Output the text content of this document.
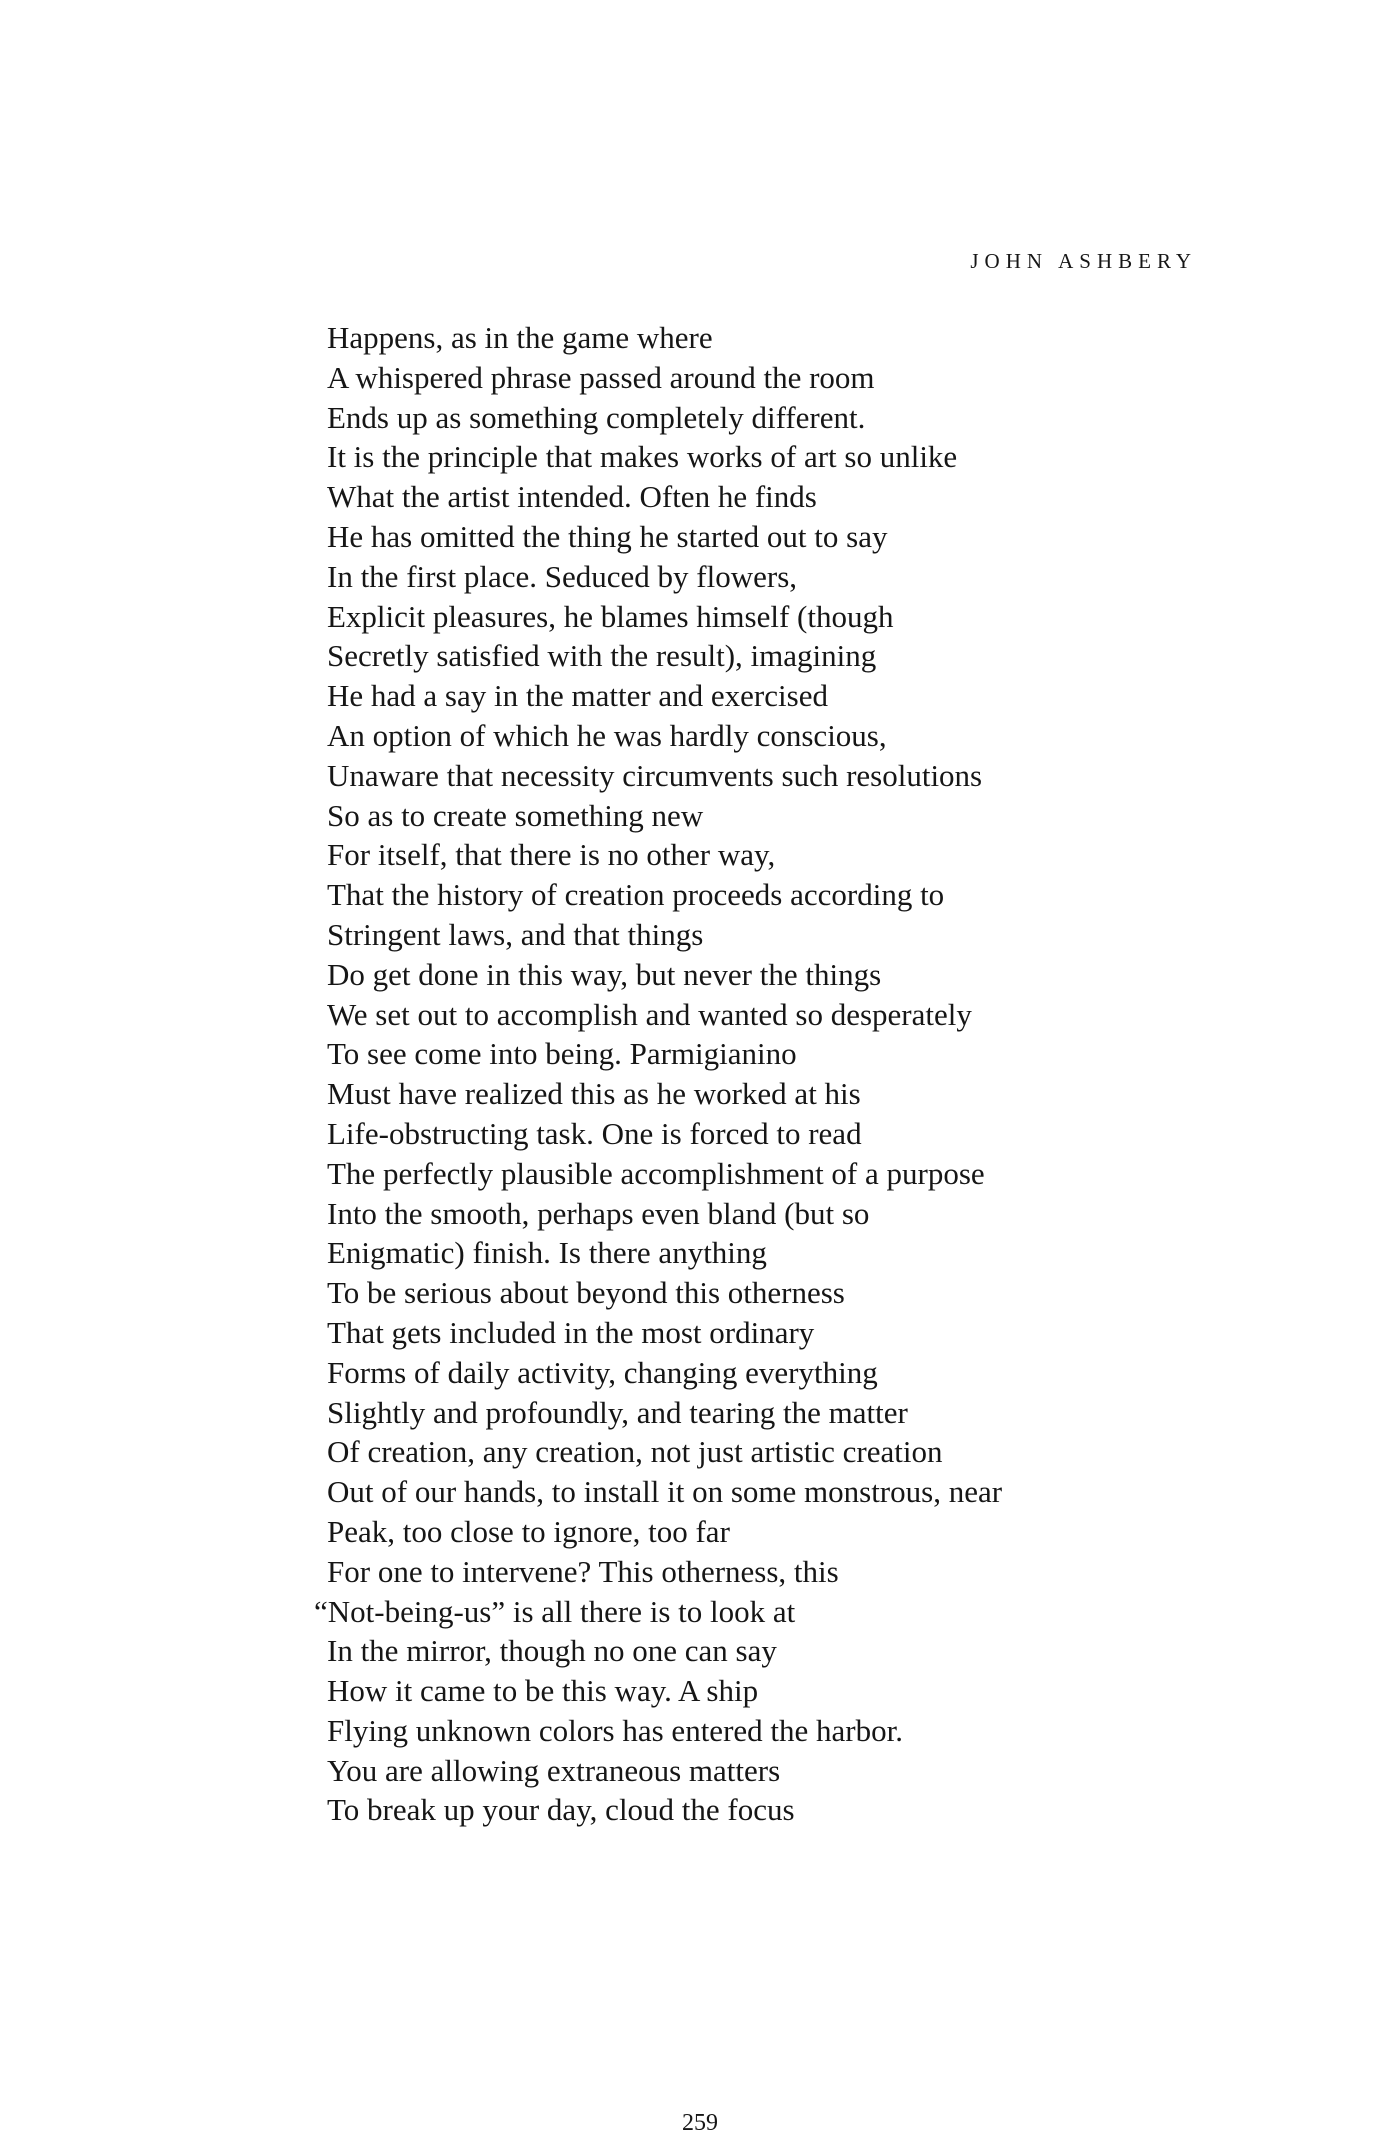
JOHN ASHBERY
Happens, as in the game where
A whispered phrase passed around the room
Ends up as something completely different.
It is the principle that makes works of art so unlike
What the artist intended. Often he finds
He has omitted the thing he started out to say
In the first place. Seduced by flowers,
Explicit pleasures, he blames himself (though
Secretly satisfied with the result), imagining
He had a say in the matter and exercised
An option of which he was hardly conscious,
Unaware that necessity circumvents such resolutions
So as to create something new
For itself, that there is no other way,
That the history of creation proceeds according to
Stringent laws, and that things
Do get done in this way, but never the things
We set out to accomplish and wanted so desperately
To see come into being. Parmigianino
Must have realized this as he worked at his
Life-obstructing task. One is forced to read
The perfectly plausible accomplishment of a purpose
Into the smooth, perhaps even bland (but so
Enigmatic) finish. Is there anything
To be serious about beyond this otherness
That gets included in the most ordinary
Forms of daily activity, changing everything
Slightly and profoundly, and tearing the matter
Of creation, any creation, not just artistic creation
Out of our hands, to install it on some monstrous, near
Peak, too close to ignore, too far
For one to intervene? This otherness, this
“Not-being-us” is all there is to look at
In the mirror, though no one can say
How it came to be this way. A ship
Flying unknown colors has entered the harbor.
You are allowing extraneous matters
To break up your day, cloud the focus
259
